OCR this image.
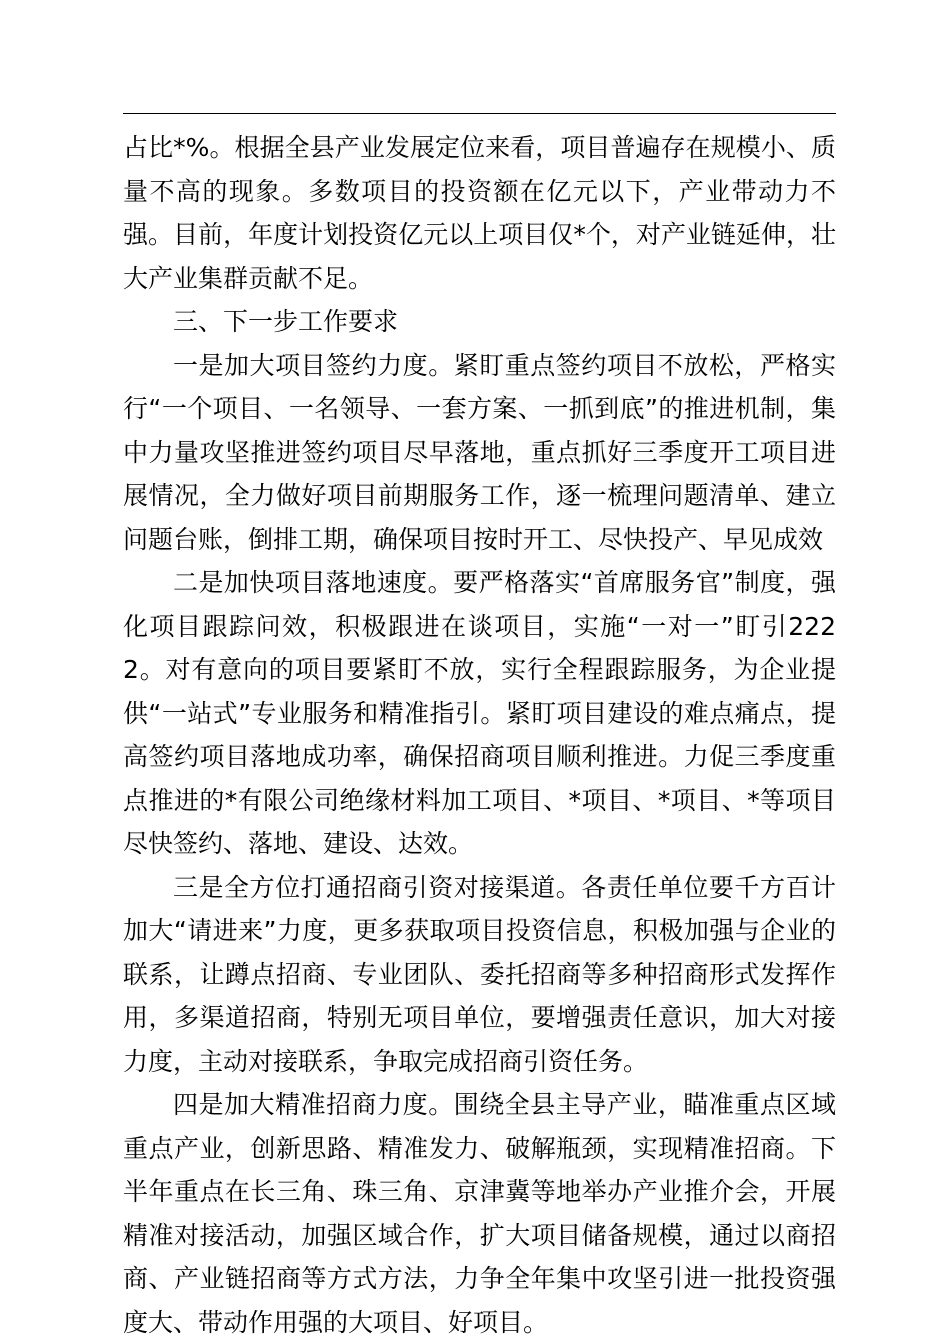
占比*%。根据全县产业发展定位来看，项目普遍存在规模小、质量不高的现象。多数项目的投资额在亿元以下，产业带动力不强。目前，年度计划投资亿元以上项目仅*个，对产业链延伸，壮大产业集群贡献不足。

三、下一步工作要求

一是加大项目签约力度。紧盯重点签约项目不放松，严格实行“一个项目、一名领导、一套方案、一抓到底”的推进机制，集中力量攻坚推进签约项目尽早落地，重点抓好三季度开工项目进展情况，全力做好项目前期服务工作，逐一梳理问题清单、建立问题台账，倒排工期，确保项目按时开工、尽快投产、早见成效

二是加快项目落地速度。要严格落实“首席服务官”制度，强化项目跟踪问效，积极跟进在谈项目，实施“一对一”盯引2222。对有意向的项目要紧盯不放，实行全程跟踪服务，为企业提供“一站式”专业服务和精准指引。紧盯项目建设的难点痛点，提高签约项目落地成功率，确保招商项目顺利推进。力促三季度重点推进的*有限公司绝缘材料加工项目、*项目、*项目、*等项目尽快签约、落地、建设、达效。

三是全方位打通招商引资对接渠道。各责任单位要千方百计加大“请进来”力度，更多获取项目投资信息，积极加强与企业的联系，让蹲点招商、专业团队、委托招商等多种招商形式发挥作用，多渠道招商，特别无项目单位，要增强责任意识，加大对接力度，主动对接联系，争取完成招商引资任务。

四是加大精准招商力度。围绕全县主导产业，瞄准重点区域重点产业，创新思路、精准发力、破解瓶颈，实现精准招商。下半年重点在长三角、珠三角、京津冀等地举办产业推介会，开展精准对接活动，加强区域合作，扩大项目储备规模，通过以商招商、产业链招商等方式方法，力争全年集中攻坚引进一批投资强度大、带动作用强的大项目、好项目。
